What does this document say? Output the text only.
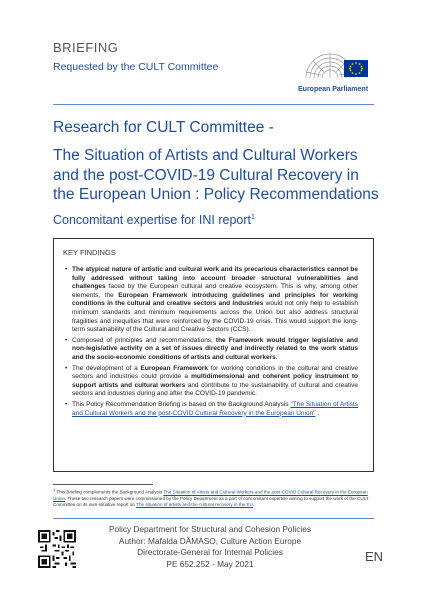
BRIEFING
Requested by the CULT Committee
European Parliament
Research for CULT Committee -
The Situation of Artists and Cultural Workers and the post-COVID-19 Cultural Recovery in the European Union : Policy Recommendations
Concomitant expertise for INI report$^1$
KEY FINDINGS
• The atypical nature of artistic and cultural work and its precarious characteristics cannot be fully addressed without taking into account broader structural vulnerabilities and challenges faced by the European cultural and creative ecosystem. This is why, among other elements, the European Framework introducing guidelines and principles for working conditions in the cultural and creative sectors and industries would not only help to establish minimum standards and minimum requirements across the Union but also address structural fragilities and inequities that were reinforced by the COVID-19 crisis. This would support the long-term sustainability of the Cultural and Creative Sectors (CCS).
• Composed of principles and recommendations, the Framework would trigger legislative and non-legislative activity on a set of issues directly and indirectly related to the work status and the socio-economic conditions of artists and cultural workers.
• The development of a European Framework for working conditions in the cultural and creative sectors and industries could provide a multidimensional and coherent policy instrument to support artists and cultural workers and contribute to the sustainability of cultural and creative sectors and industries during and after the COVID-19 pandemic.
• This Policy Recommendation Briefing is based on the Background Analysis "The Situation of Artists and Cultural Workers and the post-COVID Cultural Recovery in the European Union" .
$^1$ This Briefing complements the Background Analysis The Situation of Artists and Cultural Workers and the post-COVID Cultural Recovery in the European Union. These two research papers were commissioned by the Policy Department as a part of concomitant expertise aiming to support the work of the CULT Committee on its own-initiative report on The situation of artists and the cultural recovery in the EU.
Policy Department for Structural and Cohesion Policies
Author: Mafalda DÂMASO, Culture Action Europe
Directorate-General for Internal Policies
PE 652.252 - May 2021	EN
